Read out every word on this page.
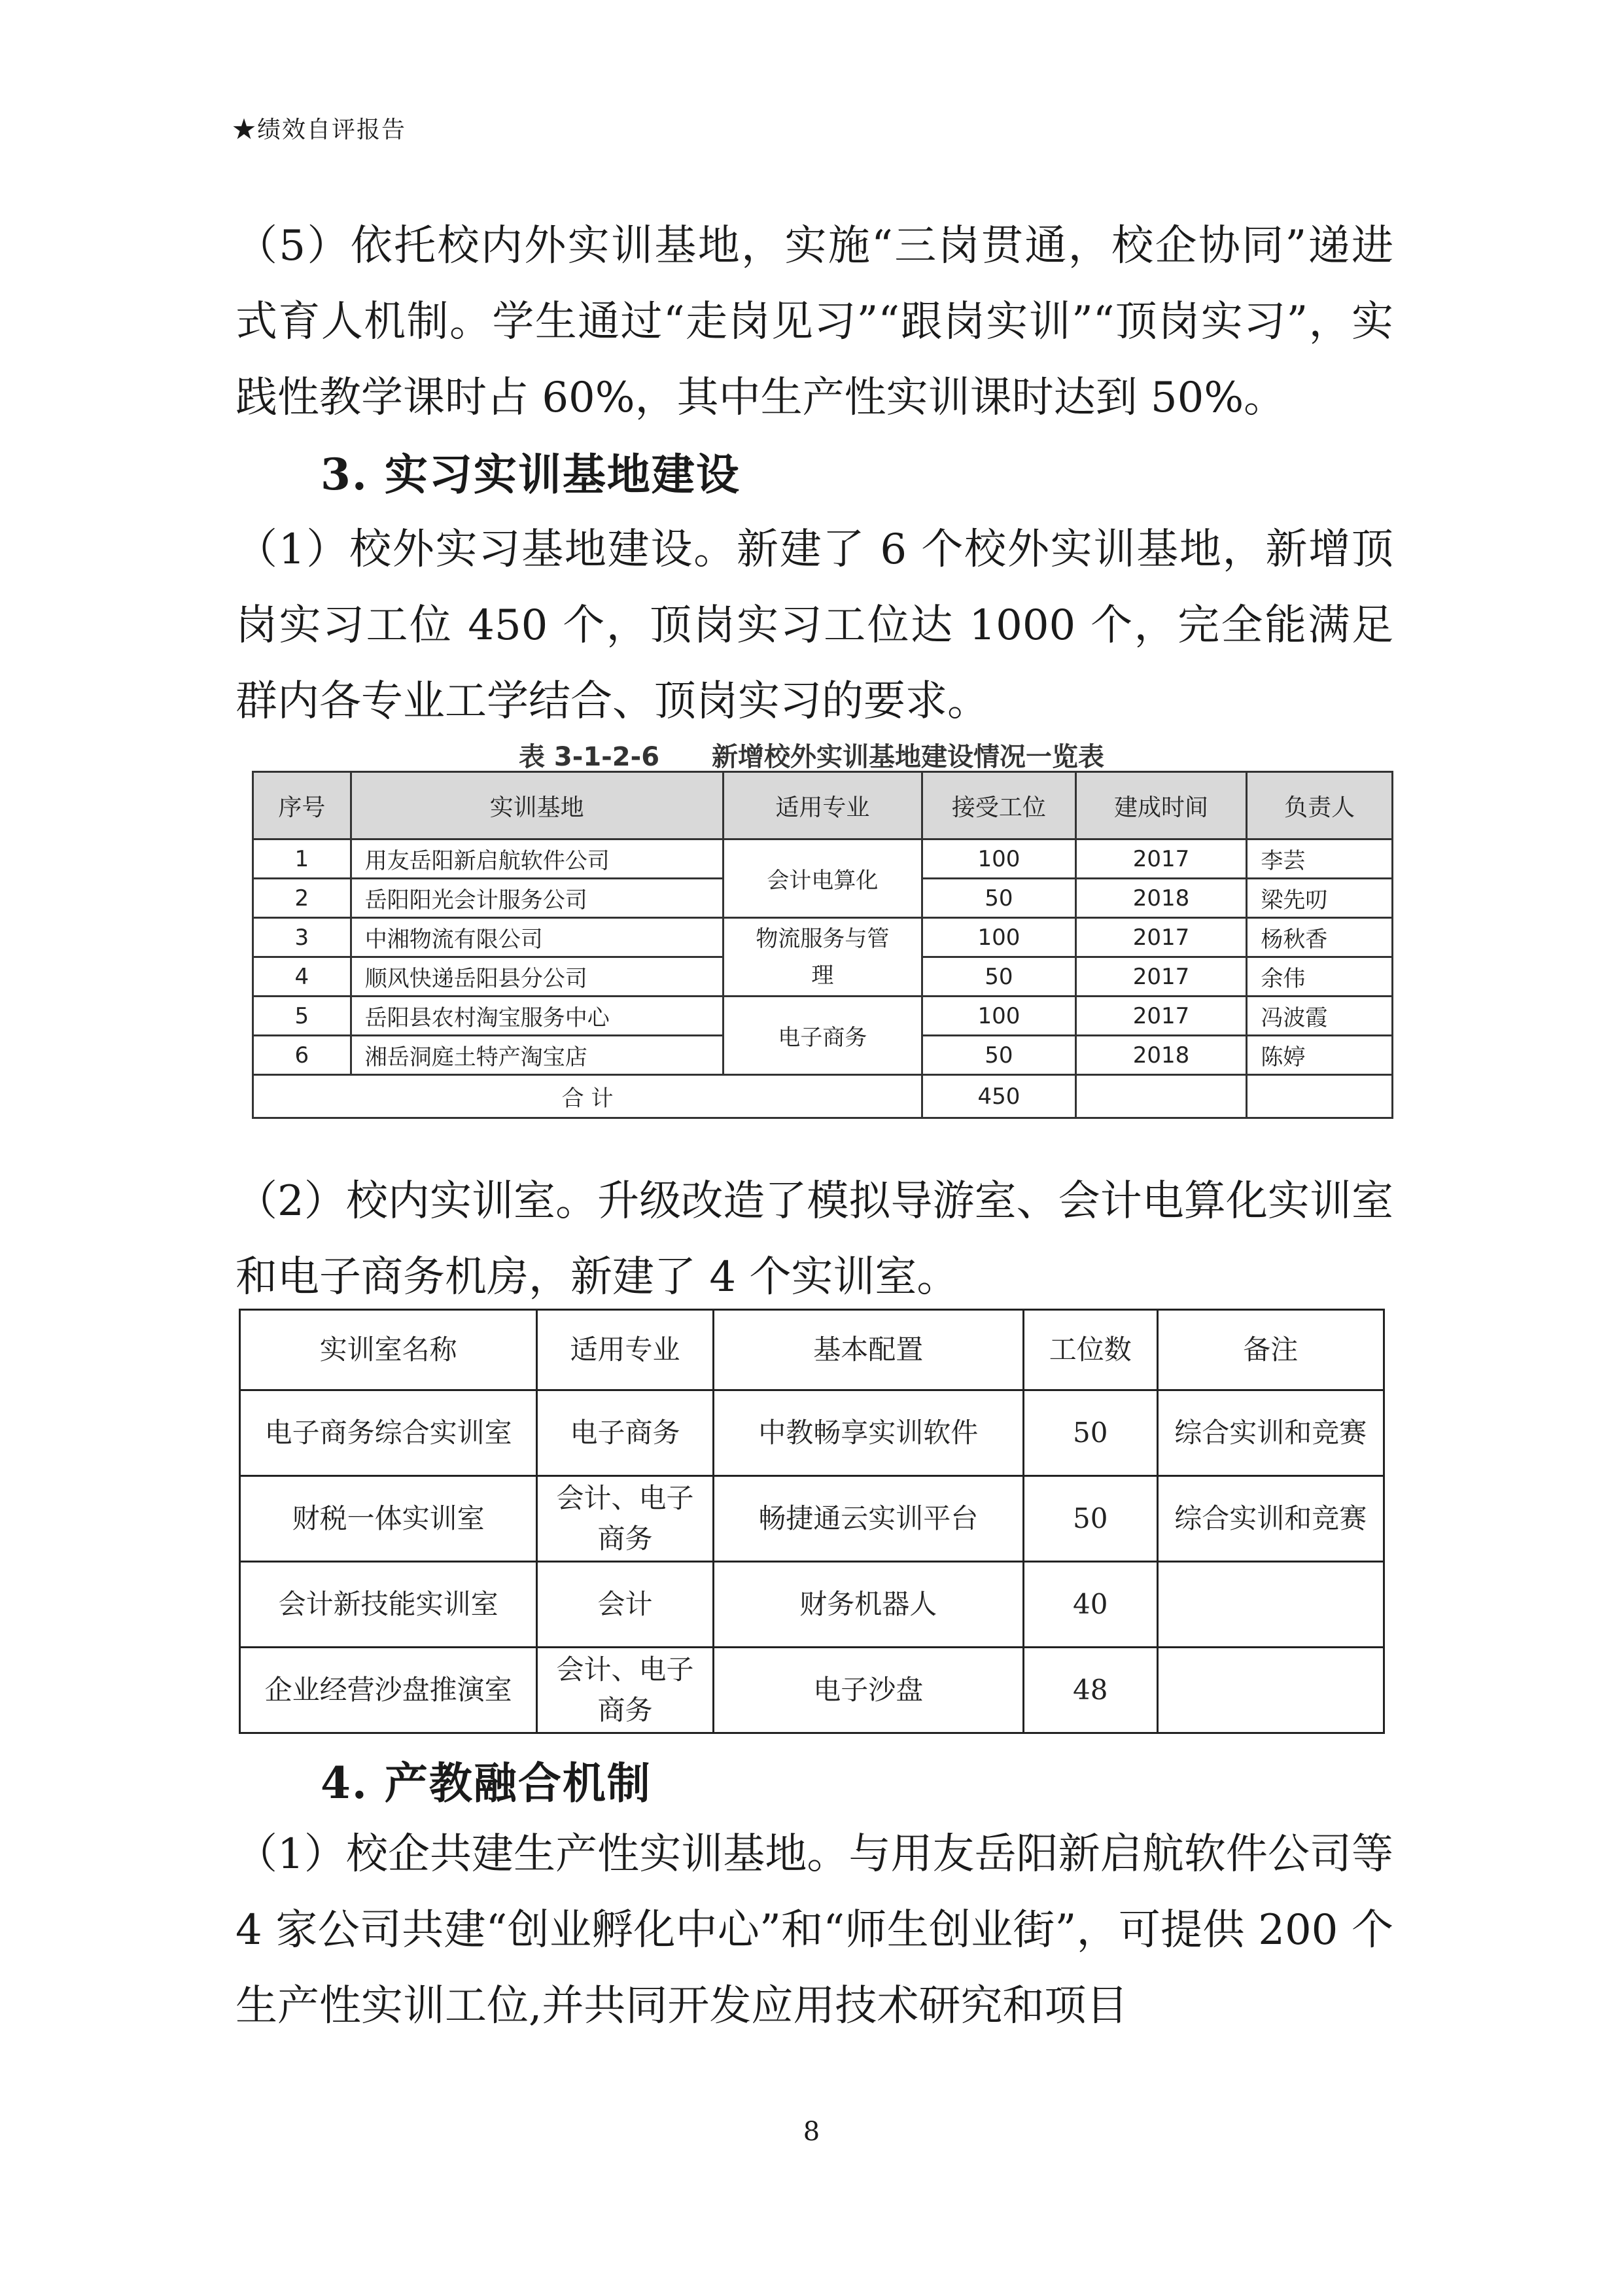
★绩效自评报告

（5）依托校内外实训基地，实施“三岗贯通，校企协同”递进式育人机制。学生通过“走岗见习”“跟岗实训”“顶岗实习”，实践性教学课时占 60%，其中生产性实训课时达到 50%。

3. 实习实训基地建设

（1）校外实习基地建设。新建了 6 个校外实训基地，新增顶岗实习工位 450 个，顶岗实习工位达 1000 个，完全能满足群内各专业工学结合、顶岗实习的要求。

表 3-1-2-6　　新增校外实训基地建设情况一览表
序号	实训基地	适用专业	接受工位	建成时间	负责人
1	用友岳阳新启航软件公司	会计电算化	100	2017	李芸
2	岳阳阳光会计服务公司		50	2018	梁先叨
3	中湘物流有限公司	物流服务与管理	100	2017	杨秋香
4	顺风快递岳阳县分公司		50	2017	余伟
5	岳阳县农村淘宝服务中心	电子商务	100	2017	冯波霞
6	湘岳洞庭土特产淘宝店		50	2018	陈婷
合 计			450		

（2）校内实训室。升级改造了模拟导游室、会计电算化实训室和电子商务机房，新建了 4 个实训室。

实训室名称	适用专业	基本配置	工位数	备注
电子商务综合实训室	电子商务	中教畅享实训软件	50	综合实训和竞赛
财税一体实训室	会计、电子商务	畅捷通云实训平台	50	综合实训和竞赛
会计新技能实训室	会计	财务机器人	40	
企业经营沙盘推演室	会计、电子商务	电子沙盘	48	
4. 产教融合机制

（1）校企共建生产性实训基地。与用友岳阳新启航软件公司等 4 家公司共建“创业孵化中心”和“师生创业街”，可提供 200 个生产性实训工位,并共同开发应用技术研究和项目

8
